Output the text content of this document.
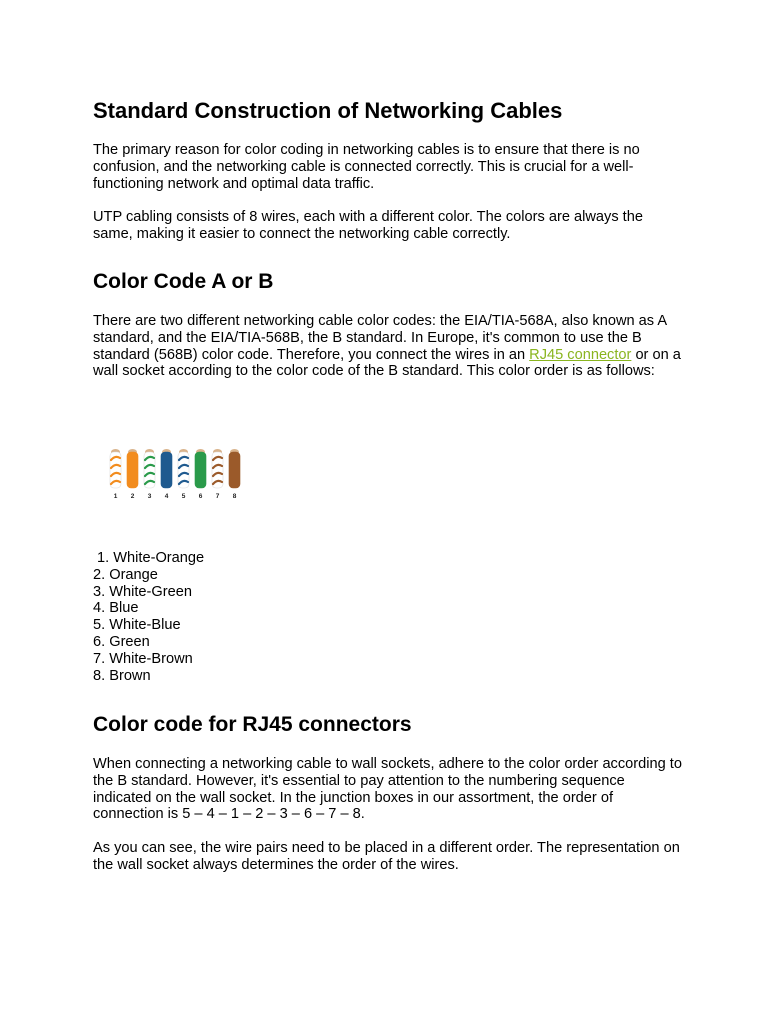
Standard Construction of Networking Cables

The primary reason for color coding in networking cables is to ensure that there is no confusion, and the networking cable is connected correctly. This is crucial for a well-functioning network and optimal data traffic.

UTP cabling consists of 8 wires, each with a different color. The colors are always the same, making it easier to connect the networking cable correctly.

Color Code A or B

There are two different networking cable color codes: the EIA/TIA-568A, also known as A standard, and the EIA/TIA-568B, the B standard. In Europe, it's common to use the B standard (568B) color code. Therefore, you connect the wires in an RJ45 connector or on a wall socket according to the color code of the B standard. This color order is as follows:

1 2 3 4 5 6 7 8
1. White-Orange
2. Orange
3. White-Green
4. Blue
5. White-Blue
6. Green
7. White-Brown
8. Brown
Color code for RJ45 connectors

When connecting a networking cable to wall sockets, adhere to the color order according to the B standard. However, it's essential to pay attention to the numbering sequence indicated on the wall socket. In the junction boxes in our assortment, the order of connection is 5 – 4 – 1 – 2 – 3 – 6 – 7 – 8.

As you can see, the wire pairs need to be placed in a different order. The representation on the wall socket always determines the order of the wires.
